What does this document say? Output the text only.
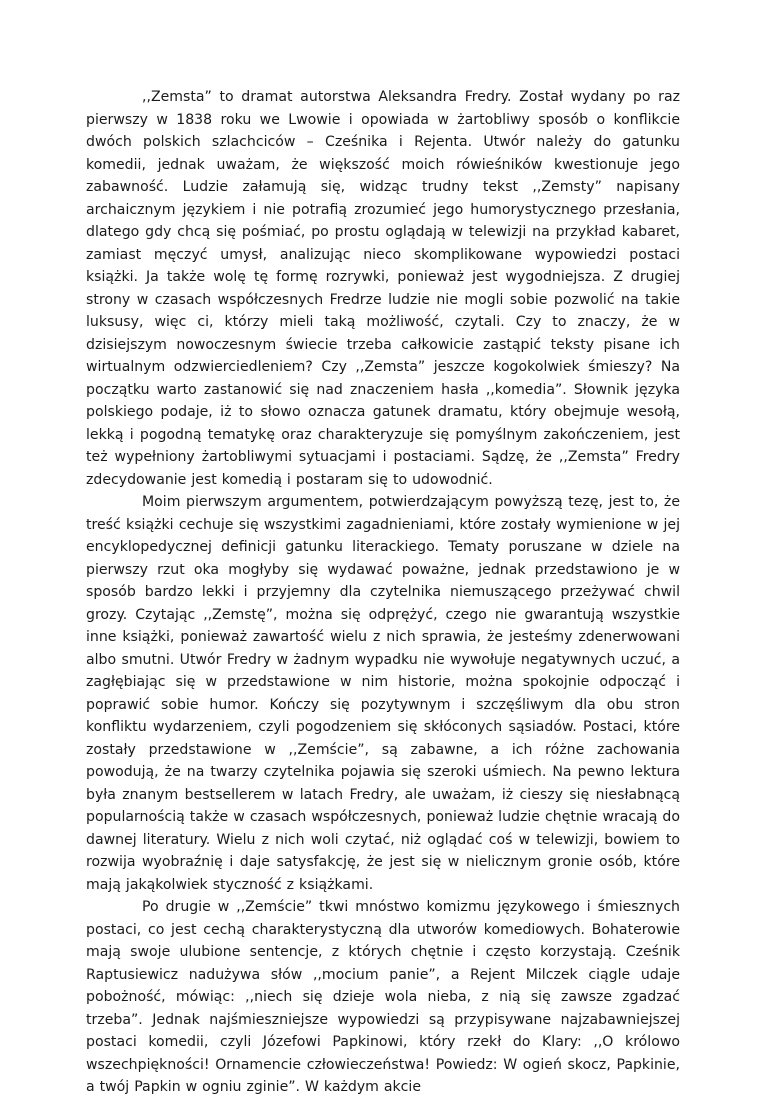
,,Zemsta” to dramat autorstwa Aleksandra Fredry. Został wydany po raz pierwszy w 1838 roku we Lwowie i opowiada w żartobliwy sposób o konflikcie dwóch polskich szlachciców – Cześnika i Rejenta. Utwór należy do gatunku komedii, jednak uważam, że większość moich rówieśników kwestionuje jego zabawność. Ludzie załamują się, widząc trudny tekst ,,Zemsty” napisany archaicznym językiem i nie potrafią zrozumieć jego humorystycznego przesłania, dlatego gdy chcą się pośmiać, po prostu oglądają w telewizji na przykład kabaret, zamiast męczyć umysł, analizując nieco skomplikowane wypowiedzi postaci książki. Ja także wolę tę formę rozrywki, ponieważ jest wygodniejsza. Z drugiej strony w czasach współczesnych Fredrze ludzie nie mogli sobie pozwolić na takie luksusy, więc ci, którzy mieli taką możliwość, czytali. Czy to znaczy, że w dzisiejszym nowoczesnym świecie trzeba całkowicie zastąpić teksty pisane ich wirtualnym odzwierciedleniem? Czy ,,Zemsta” jeszcze kogokolwiek śmieszy? Na początku warto zastanowić się nad znaczeniem hasła ,,komedia”. Słownik języka polskiego podaje, iż to słowo oznacza gatunek dramatu, który obejmuje wesołą, lekką i pogodną tematykę oraz charakteryzuje się pomyślnym zakończeniem, jest też wypełniony żartobliwymi sytuacjami i postaciami. Sądzę, że ,,Zemsta” Fredry zdecydowanie jest komedią i postaram się to udowodnić.

Moim pierwszym argumentem, potwierdzającym powyższą tezę, jest to, że treść książki cechuje się wszystkimi zagadnieniami, które zostały wymienione w jej encyklopedycznej definicji gatunku literackiego. Tematy poruszane w dziele na pierwszy rzut oka mogłyby się wydawać poważne, jednak przedstawiono je w sposób bardzo lekki i przyjemny dla czytelnika niemuszącego przeżywać chwil grozy. Czytając ,,Zemstę”, można się odprężyć, czego nie gwarantują wszystkie inne książki, ponieważ zawartość wielu z nich sprawia, że jesteśmy zdenerwowani albo smutni. Utwór Fredry w żadnym wypadku nie wywołuje negatywnych uczuć, a zagłębiając się w przedstawione w nim historie, można spokojnie odpocząć i poprawić sobie humor. Kończy się pozytywnym i szczęśliwym dla obu stron konfliktu wydarzeniem, czyli pogodzeniem się skłóconych sąsiadów. Postaci, które zostały przedstawione w ,,Zemście”, są zabawne, a ich różne zachowania powodują, że na twarzy czytelnika pojawia się szeroki uśmiech. Na pewno lektura była znanym bestsellerem w latach Fredry, ale uważam, iż cieszy się niesłabnącą popularnością także w czasach współczesnych, ponieważ ludzie chętnie wracają do dawnej literatury. Wielu z nich woli czytać, niż oglądać coś w telewizji, bowiem to rozwija wyobraźnię i daje satysfakcję, że jest się w nielicznym gronie osób, które mają jakąkolwiek styczność z książkami.

Po drugie w ,,Zemście” tkwi mnóstwo komizmu językowego i śmiesznych postaci, co jest cechą charakterystyczną dla utworów komediowych. Bohaterowie mają swoje ulubione sentencje, z których chętnie i często korzystają. Cześnik Raptusiewicz nadużywa słów ,,mocium panie”, a Rejent Milczek ciągle udaje pobożność, mówiąc: ,,niech się dzieje wola nieba, z nią się zawsze zgadzać trzeba”. Jednak najśmieszniejsze wypowiedzi są przypisywane najzabawniejszej postaci komedii, czyli Józefowi Papkinowi, który rzekł do Klary: ,,O królowo wszechpiękności! Ornamencie człowieczeństwa! Powiedz: W ogień skocz, Papkinie, a twój Papkin w ogniu zginie”. W każdym akcie
